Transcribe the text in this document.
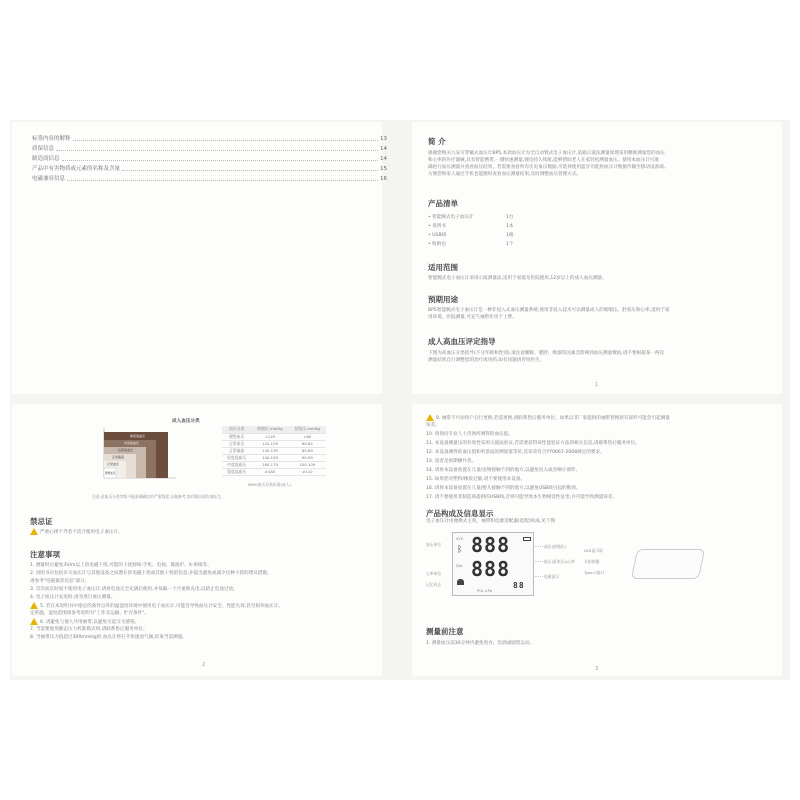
标签内容的解释	13
质保信息	14
制造商信息	14
产品中有害物质或元素的名称及含量	15
电磁兼容信息	16
简 介
感谢您购买九安可穿戴式血压计BP5,本款血压计为全自动臂式电子血压计,依据示波法测量原理采用精准测量您的血压
和心率的医疗器械,具有智能携带,一键快速测量,锂电持久续航,能够帮助老人在家轻松测量血压。使用本血压计可准
确进行血压测量并查看血压结果。若需要查看所有历史血压数据,可选择使用蓝牙功能将血压计数据传输至移动设备端,
方便您和家人通过手机也能随时查看血压测量结果,及时调整血压管理方式。
产品清单
• 智能腕式电子血压计	1台
• 说明书	1本
• USB线	1根
• 收纳包	1个
适用范围
智能腕式电子血压计采用示波测量法,适用于家庭及医院使用,12岁以上的成人血压测量。
预期用途
BP5智能腕式电子血压计是一种非侵入式血压测量系统,使用非侵入技术可以测量成人的收缩压、舒张压和心率,适用于家
用环境、医院测量,可充气袖带作用于上臂。
成人高血压评定指导
下图为高血压分类指导(不分年龄和性别),请注意睡眠、肥胖、吸烟等因素会影响到血压测量数值,请不要根据某一两次
测量结果自行调整您的治疗或用药,如有问题请咨询医生。
1
成人血压分类
重度高血压
中度高血压
轻度高血压
正常偏高
正常血压
理想血压
血压分类	收缩压 mmHg	舒张压 mmHg
理想血压	<120	<80
正常血压	120-129	80-84
正常偏高	130-139	85-89
轻度高血压	140-159	90-99
中度高血压	160-179	100-109
重度高血压	≥180	≥110
WHO血压分类标准(成人)
注意:此血压分类等级不能准确确定的严重程度,仅做参考,如有疑问请咨询医生。
禁忌证
严重心律不齐者不适合使用电子血压计。
注意事项
1. 测量时应避免3V/m以上的电磁干扰,可能的干扰源如:手机、电视、微波炉、X-射线等。
2. 说明书应包括有关血压计与其他设备之间潜在的电磁干扰或其他干扰的信息,并提出避免或减少这种干扰的建议措施,
请参考"电磁兼容信息"部分。
3. 首次或长时间不使用电子血压计,请将电池完全充满后使用,并每隔一个月重新充电,以防止电池过放。
4. 电子血压计充电时,请勿进行血压测量。
5. 若在本说明书中指定的条件以外的温湿度环境中使用电子血压计,可能会导致血压计安全、性能失效,甚至损坏血压计。
定的温、湿度范围请参考说明书"工作及运输、贮存条件"。
6. 请避免与他人共用袖带,以避免引起交叉感染。
7. 当需要使用静态压力校准模式时,请联系售后服务单位。
8. 当袖带压力值超过300mmHg时,血压计将打开快速放气阀,结束当前测量。
2
9. 袖带不可由用户自行更换,若需更换,请联系售后服务单位。如果以非厂家提供的袖带替换原有部件可能会引起测量
误差。
10. 请询问专业人士咨询所测得的血压值。
11. 本设备测量压的有效性采用示波法验证,若需要获得该性能验证方法的相关信息,请联系售后服务单位。
12. 本设备测得的血压值和听诊法的测量值等价,其误差符合YY0667-2008规定的要求。
13. 患者是预期操作者。
14. 请将本设备放置在儿童/宠物接触不到的地方,以避免误入或吞咽小部件。
15. 如果您对塑料/橡胶过敏,请不要使用本设备。
16. 请将本设备放置在儿童/婴儿接触不到的地方,以避免USB线引起的勒颈。
17. 请不要使用非制造商提供的USB线,否则可能导致本生物相容性危害,并可能导致测量误差。
产品构成及信息显示
电子血压计由便携式主机、袖带和电源适配器(选配)构成,见下图
血压单位
心率单位
记忆标志
SYS
DIA
ᛒ 888
888
PUL kPa
88
高压(收缩压)
低压(舒张压)/心率
电量显示
LED显示屏
开始按键
Type-C接口
测量前注意
1. 测量血压前30分钟内避免进食、饮酒或剧烈运动。
3
